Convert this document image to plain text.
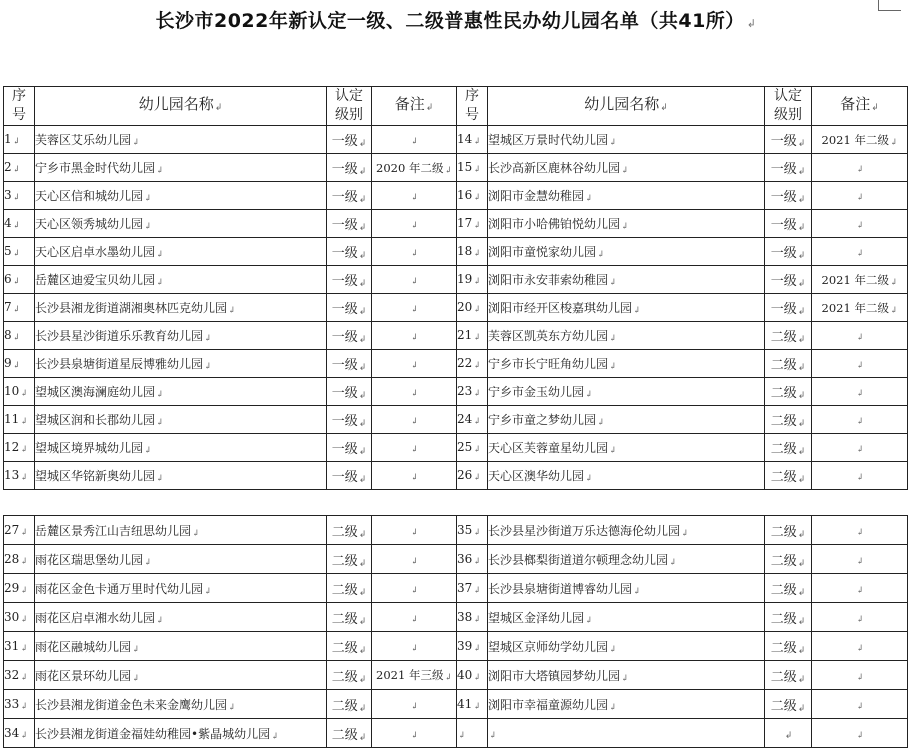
长沙市2022年新认定一级、二级普惠性民办幼儿园名单（共41所） ↲
序
号	幼儿园名称↲	认定
级别	备注↲	序
号	幼儿园名称↲	认定
级别	备注↲
1↲	芙蓉区艾乐幼儿园↲	一级↲	↲	14↲	望城区万景时代幼儿园↲	一级↲	2021 年二级↲
2↲	宁乡市黑金时代幼儿园↲	一级↲	2020 年二级↲	15↲	长沙高新区鹿林谷幼儿园↲	一级↲	↲
3↲	天心区信和城幼儿园↲	一级↲	↲	16↲	浏阳市金慧幼稚园↲	一级↲	↲
4↲	天心区领秀城幼儿园↲	一级↲	↲	17↲	浏阳市小哈佛铂悦幼儿园↲	一级↲	↲
5↲	天心区启卓水墨幼儿园↲	一级↲	↲	18↲	浏阳市童悦家幼儿园↲	一级↲	↲
6↲	岳麓区迪爱宝贝幼儿园↲	一级↲	↲	19↲	浏阳市永安菲索幼稚园↲	一级↲	2021 年二级↲
7↲	长沙县湘龙街道湖湘奥林匹克幼儿园↲	一级↲	↲	20↲	浏阳市经开区梭嘉琪幼儿园↲	一级↲	2021 年二级↲
8↲	长沙县星沙街道乐乐教育幼儿园↲	一级↲	↲	21↲	芙蓉区凯英东方幼儿园↲	二级↲	↲
9↲	长沙县泉塘街道星辰博雅幼儿园↲	一级↲	↲	22↲	宁乡市长宁旺角幼儿园↲	二级↲	↲
10↲	望城区澳海澜庭幼儿园↲	一级↲	↲	23↲	宁乡市金玉幼儿园↲	二级↲	↲
11↲	望城区润和长郡幼儿园↲	一级↲	↲	24↲	宁乡市童之梦幼儿园↲	二级↲	↲
12↲	望城区境界城幼儿园↲	一级↲	↲	25↲	天心区芙蓉童星幼儿园↲	二级↲	↲
13↲	望城区华铭新奥幼儿园↲	一级↲	↲	26↲	天心区澳华幼儿园↲	二级↲	↲
27↲	岳麓区景秀江山吉纽思幼儿园↲	二级↲	↲	35↲	长沙县星沙街道万乐达德海伦幼儿园↲	二级↲	↲
28↲	雨花区瑞思堡幼儿园↲	二级↲	↲	36↲	长沙县榔梨街道道尔顿理念幼儿园↲	二级↲	↲
29↲	雨花区金色卡通万里时代幼儿园↲	二级↲	↲	37↲	长沙县泉塘街道博睿幼儿园↲	二级↲	↲
30↲	雨花区启卓湘水幼儿园↲	二级↲	↲	38↲	望城区金泽幼儿园↲	二级↲	↲
31↲	雨花区融城幼儿园↲	二级↲	↲	39↲	望城区京师幼学幼儿园↲	二级↲	↲
32↲	雨花区景环幼儿园↲	二级↲	2021 年三级↲	40↲	浏阳市大塔镇园梦幼儿园↲	二级↲	↲
33↲	长沙县湘龙街道金色未来金鹰幼儿园↲	二级↲	↲	41↲	浏阳市幸福童源幼儿园↲	二级↲	↲
34↲	长沙县湘龙街道金福娃幼稚园•紫晶城幼儿园↲	二级↲	↲	↲	↲	↲	↲
